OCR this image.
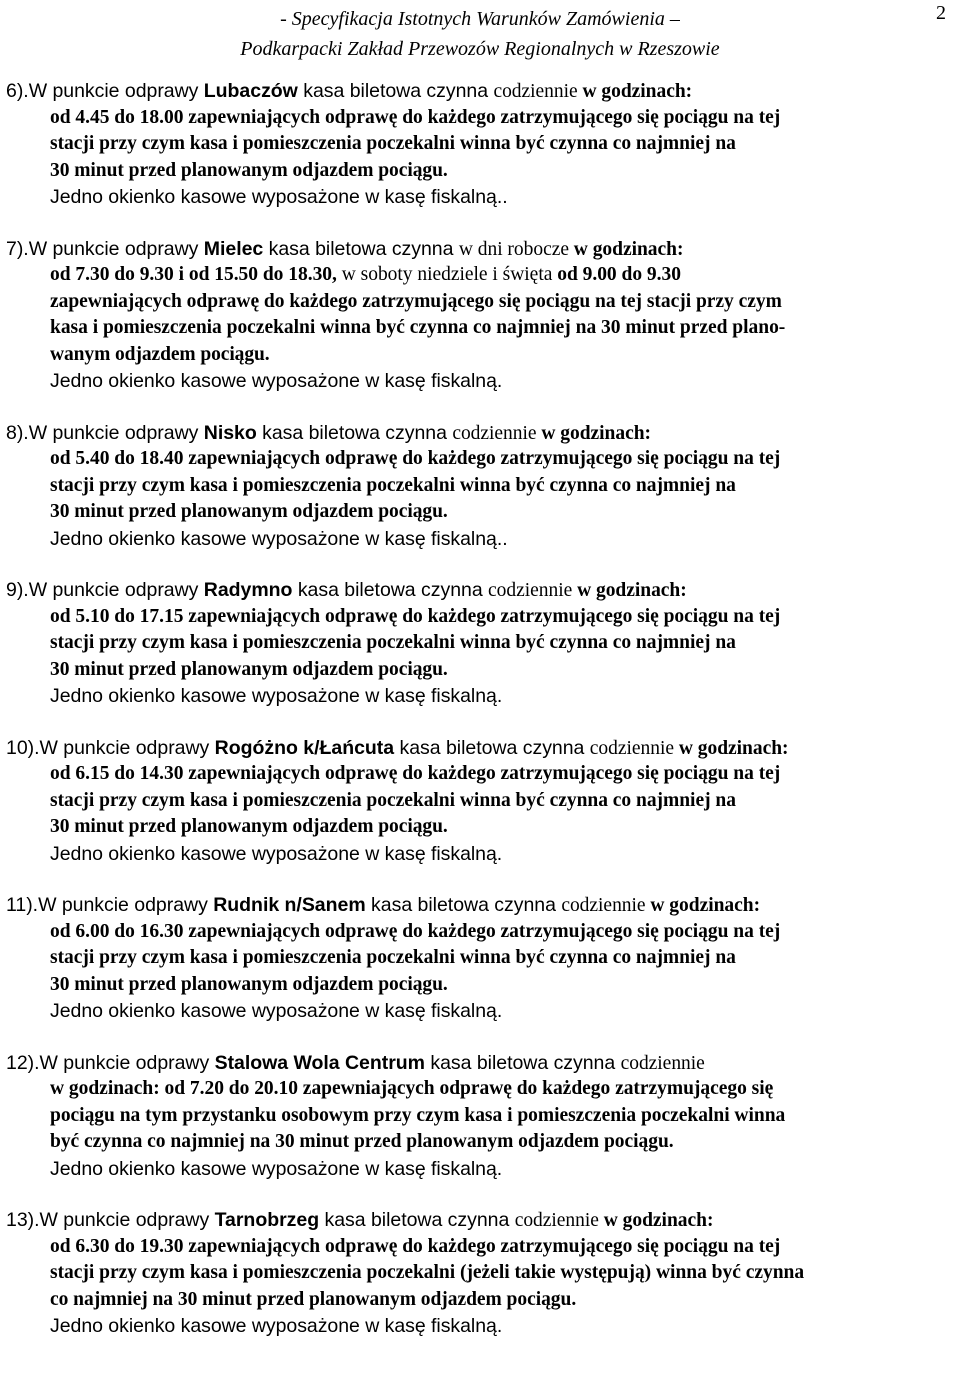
- Specyfikacja Istotnych Warunków Zamówienia –
Podkarpacki Zakład Przewozów Regionalnych w Rzeszowie
2
6).W punkcie odprawy Lubaczów kasa biletowa czynna codziennie w godzinach:
od 4.45 do 18.00 zapewniających odprawę do każdego zatrzymującego się pociągu na tej
stacji przy czym kasa i pomieszczenia poczekalni winna być czynna co najmniej na
30 minut przed planowanym odjazdem pociągu.
Jedno okienko kasowe wyposażone w kasę fiskalną..
7).W punkcie odprawy Mielec kasa biletowa czynna w dni robocze w godzinach:
od 7.30 do 9.30 i od 15.50 do 18.30, w soboty niedziele i święta od 9.00 do 9.30
zapewniających odprawę do każdego zatrzymującego się pociągu na tej stacji przy czym
kasa i pomieszczenia poczekalni winna być czynna co najmniej na 30 minut przed plano-
wanym odjazdem pociągu.
Jedno okienko kasowe wyposażone w kasę fiskalną.
8).W punkcie odprawy Nisko kasa biletowa czynna codziennie w godzinach:
od 5.40 do 18.40 zapewniających odprawę do każdego zatrzymującego się pociągu na tej
stacji przy czym kasa i pomieszczenia poczekalni winna być czynna co najmniej na
30 minut przed planowanym odjazdem pociągu.
Jedno okienko kasowe wyposażone w kasę fiskalną..
9).W punkcie odprawy Radymno kasa biletowa czynna codziennie w godzinach:
od 5.10 do 17.15 zapewniających odprawę do każdego zatrzymującego się pociągu na tej
stacji przy czym kasa i pomieszczenia poczekalni winna być czynna co najmniej na
30 minut przed planowanym odjazdem pociągu.
Jedno okienko kasowe wyposażone w kasę fiskalną.
10).W punkcie odprawy Rogóżno k/Łańcuta kasa biletowa czynna codziennie w godzinach:
od 6.15 do 14.30 zapewniających odprawę do każdego zatrzymującego się pociągu na tej
stacji przy czym kasa i pomieszczenia poczekalni winna być czynna co najmniej na
30 minut przed planowanym odjazdem pociągu.
Jedno okienko kasowe wyposażone w kasę fiskalną.
11).W punkcie odprawy Rudnik n/Sanem kasa biletowa czynna codziennie w godzinach:
od 6.00 do 16.30 zapewniających odprawę do każdego zatrzymującego się pociągu na tej
stacji przy czym kasa i pomieszczenia poczekalni winna być czynna co najmniej na
30 minut przed planowanym odjazdem pociągu.
Jedno okienko kasowe wyposażone w kasę fiskalną.
12).W punkcie odprawy Stalowa Wola Centrum kasa biletowa czynna codziennie
w godzinach: od 7.20 do 20.10 zapewniających odprawę do każdego zatrzymującego się
pociągu na tym przystanku osobowym przy czym kasa i pomieszczenia poczekalni winna
być czynna co najmniej na 30 minut przed planowanym odjazdem pociągu.
Jedno okienko kasowe wyposażone w kasę fiskalną.
13).W punkcie odprawy Tarnobrzeg kasa biletowa czynna codziennie w godzinach:
od 6.30 do 19.30 zapewniających odprawę do każdego zatrzymującego się pociągu na tej
stacji przy czym kasa i pomieszczenia poczekalni (jeżeli takie występują) winna być czynna
co najmniej na 30 minut przed planowanym odjazdem pociągu.
Jedno okienko kasowe wyposażone w kasę fiskalną.
